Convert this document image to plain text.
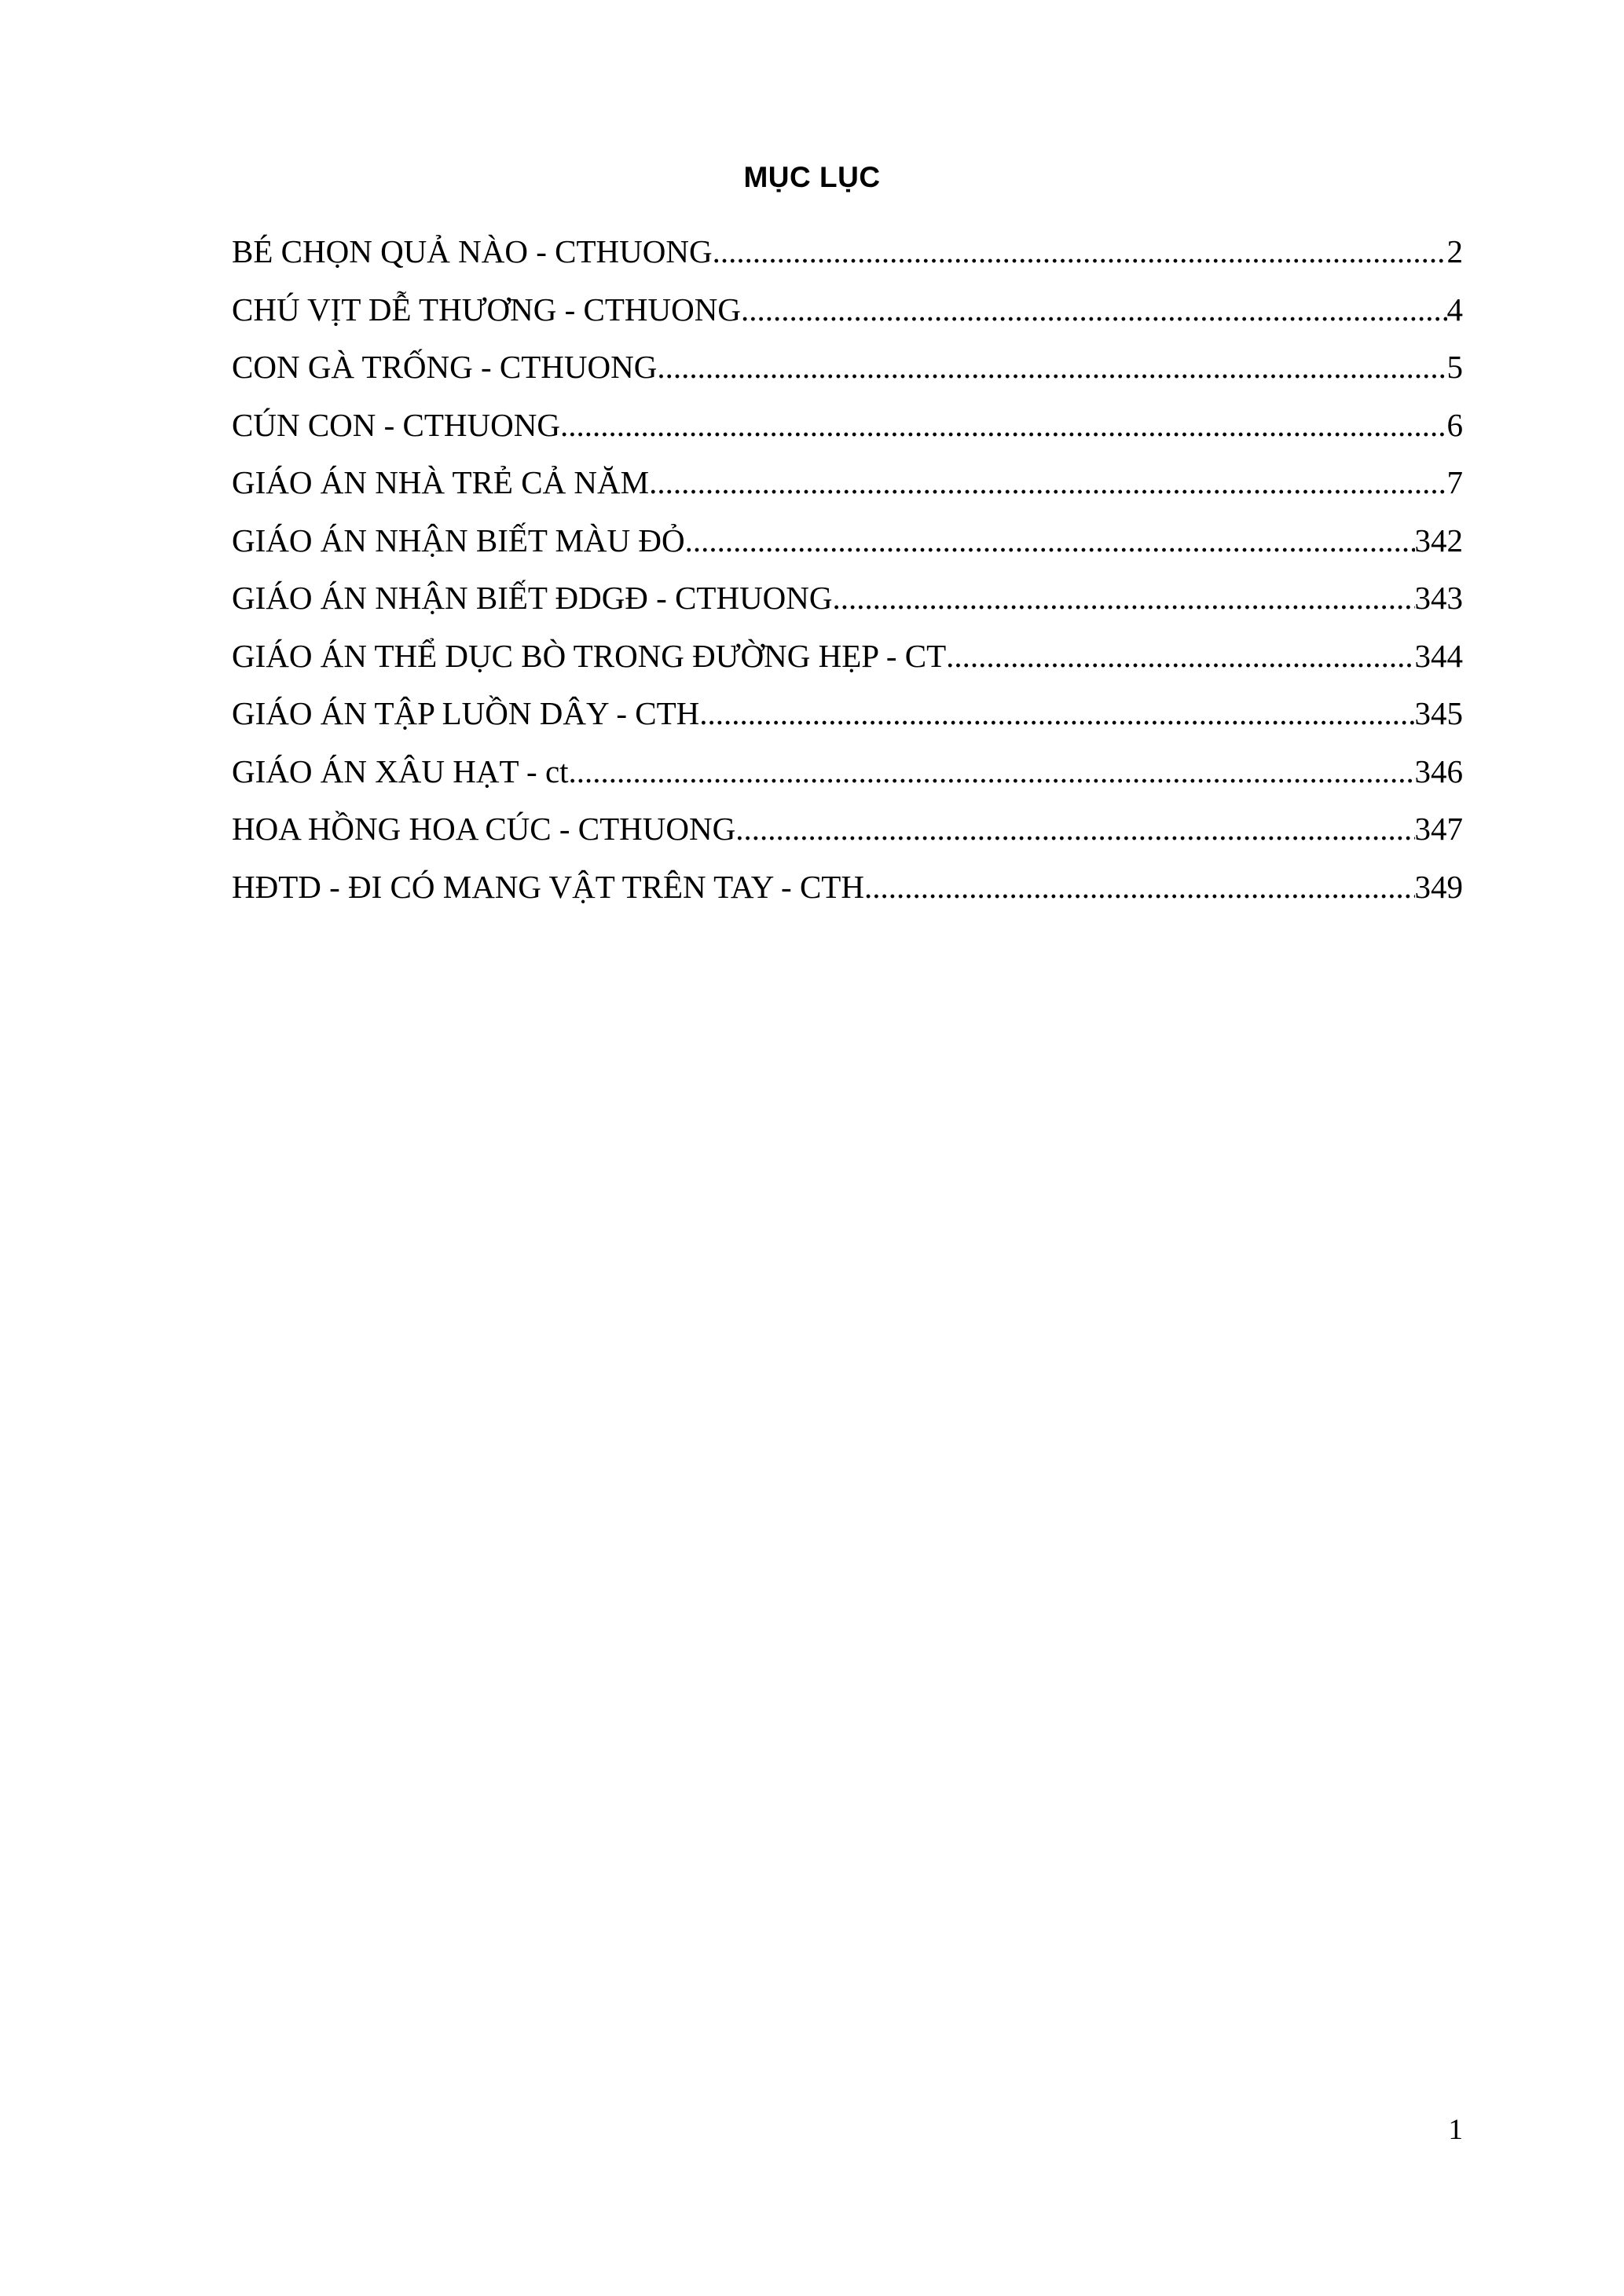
MỤC LỤC
BÉ CHỌN QUẢ NÀO - CTHUONG .....	2
CHÚ VỊT DỄ THƯƠNG - CTHUONG .....	4
CON GÀ TRỐNG - CTHUONG .....	5
CÚN CON - CTHUONG .....	6
GIÁO ÁN NHÀ TRẺ CẢ NĂM .....	7
GIÁO ÁN NHẬN BIẾT MÀU ĐỎ .....	342
GIÁO ÁN NHẬN BIẾT ĐDGĐ - CTHUONG .....	343
GIÁO ÁN THỂ DỤC BÒ TRONG ĐƯỜNG HẸP - CT .....	344
GIÁO ÁN TẬP LUỒN DÂY - CTH .....	345
GIÁO ÁN XÂU HẠT - ct .....	346
HOA HỒNG HOA CÚC - CTHUONG .....	347
HĐTD - ĐI CÓ MANG VẬT TRÊN TAY - CTH .....	349
1
